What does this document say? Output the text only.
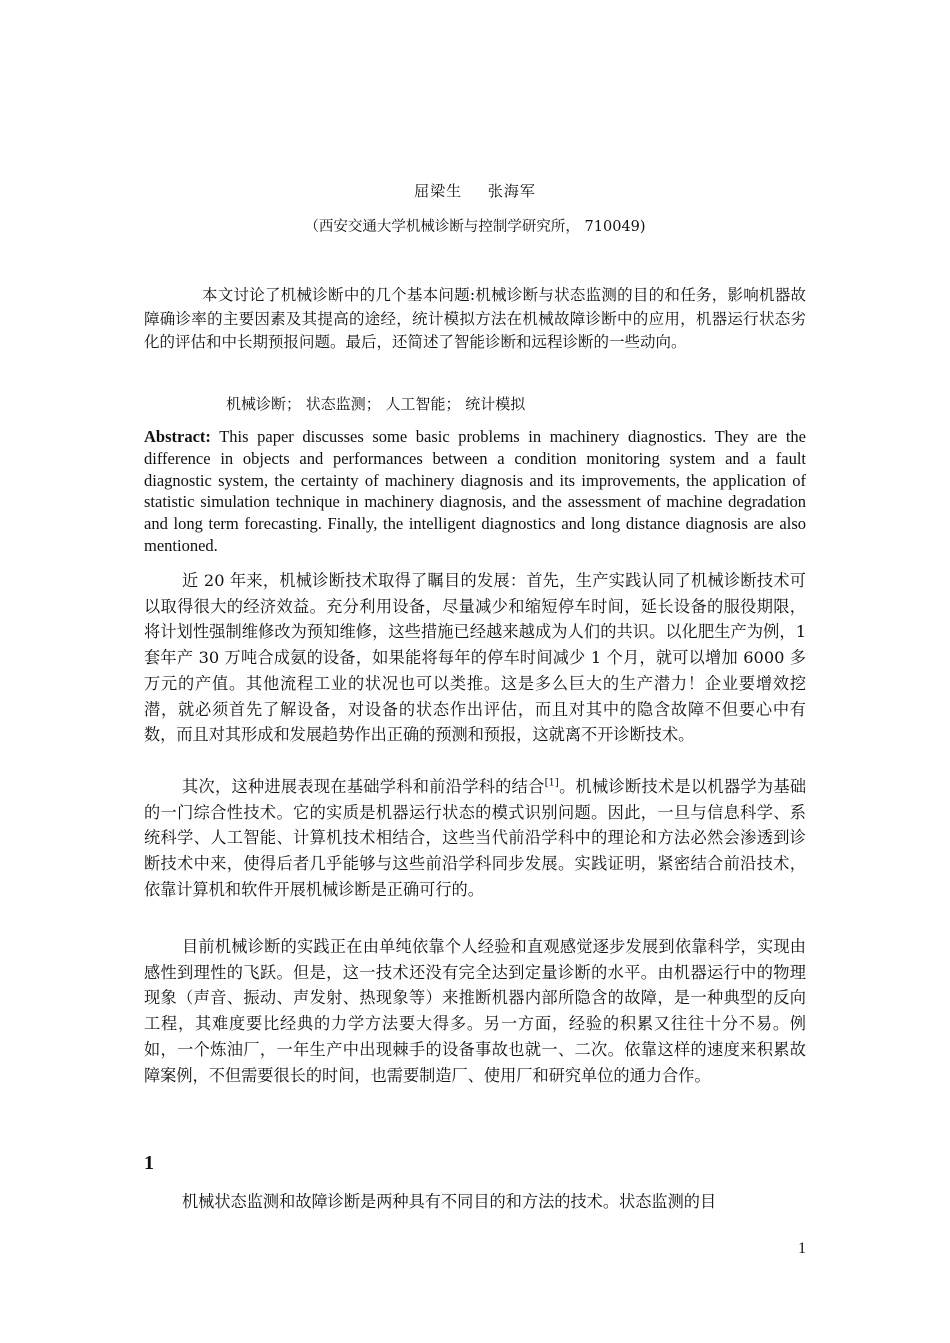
屈梁生 张海军
（西安交通大学机械诊断与控制学研究所， 710049)
本文讨论了机械诊断中的几个基本问题:机械诊断与状态监测的目的和任务，影响机器故障确诊率的主要因素及其提高的途经，统计模拟方法在机械故障诊断中的应用，机器运行状态劣化的评估和中长期预报问题。最后，还简述了智能诊断和远程诊断的一些动向。
机械诊断； 状态监测； 人工智能； 统计模拟
Abstract: This paper discusses some basic problems in machinery diagnostics. They are the difference in objects and performances between a condition monitoring system and a fault diagnostic system, the certainty of machinery diagnosis and its improvements, the application of statistic simulation technique in machinery diagnosis, and the assessment of machine degradation and long term forecasting. Finally, the intelligent diagnostics and long distance diagnosis are also mentioned.

近 20 年来，机械诊断技术取得了瞩目的发展：首先，生产实践认同了机械诊断技术可以取得很大的经济效益。充分利用设备，尽量减少和缩短停车时间，延长设备的服役期限，将计划性强制维修改为预知维修，这些措施已经越来越成为人们的共识。以化肥生产为例，1 套年产 30 万吨合成氨的设备，如果能将每年的停车时间减少 1 个月，就可以增加 6000 多万元的产值。其他流程工业的状况也可以类推。这是多么巨大的生产潜力！企业要增效挖潜，就必须首先了解设备，对设备的状态作出评估，而且对其中的隐含故障不但要心中有数，而且对其形成和发展趋势作出正确的预测和预报，这就离不开诊断技术。

其次，这种进展表现在基础学科和前沿学科的结合[1]。机械诊断技术是以机器学为基础的一门综合性技术。它的实质是机器运行状态的模式识别问题。因此，一旦与信息科学、系统科学、人工智能、计算机技术相结合，这些当代前沿学科中的理论和方法必然会渗透到诊断技术中来，使得后者几乎能够与这些前沿学科同步发展。实践证明，紧密结合前沿技术，依靠计算机和软件开展机械诊断是正确可行的。

目前机械诊断的实践正在由单纯依靠个人经验和直观感觉逐步发展到依靠科学，实现由感性到理性的飞跃。但是，这一技术还没有完全达到定量诊断的水平。由机器运行中的物理现象（声音、振动、声发射、热现象等）来推断机器内部所隐含的故障，是一种典型的反向工程，其难度要比经典的力学方法要大得多。另一方面，经验的积累又往往十分不易。例如，一个炼油厂，一年生产中出现棘手的设备事故也就一、二次。依靠这样的速度来积累故障案例，不但需要很长的时间，也需要制造厂、使用厂和研究单位的通力合作。

1

机械状态监测和故障诊断是两种具有不同目的和方法的技术。状态监测的目

1
